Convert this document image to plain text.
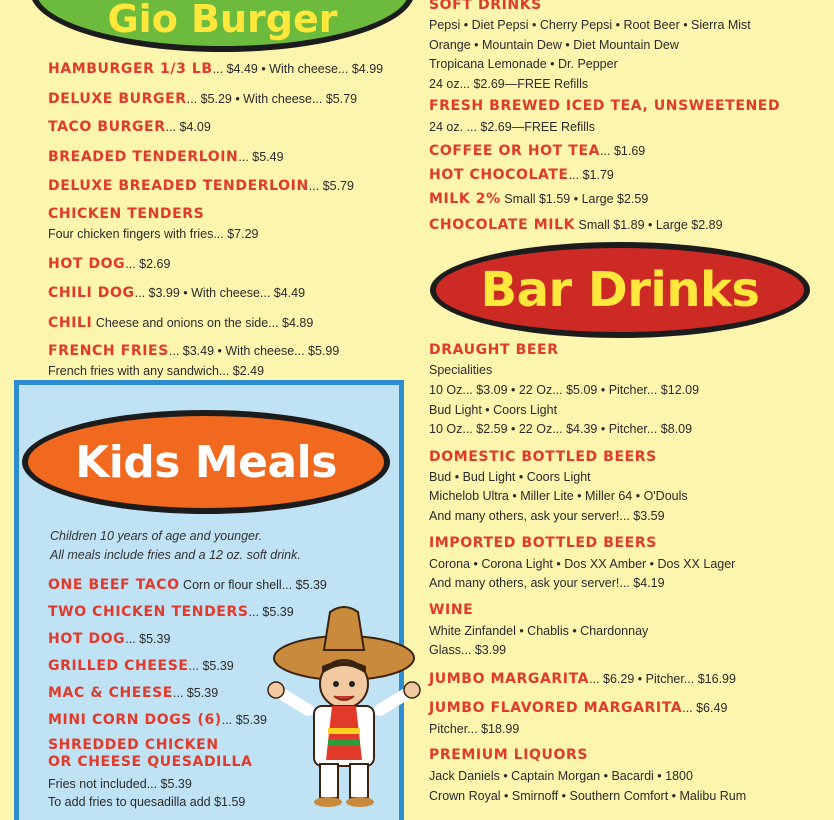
Gio Burger
HAMBURGER 1/3 LB... $4.49 • With cheese... $4.99
DELUXE BURGER... $5.29 • With cheese... $5.79
TACO BURGER... $4.09
BREADED TENDERLOIN... $5.49
DELUXE BREADED TENDERLOIN... $5.79
CHICKEN TENDERS
Four chicken fingers with fries... $7.29
HOT DOG... $2.69
CHILI DOG... $3.99 • With cheese... $4.49
CHILI Cheese and onions on the side... $4.89
FRENCH FRIES... $3.49 • With cheese... $5.99
French fries with any sandwich... $2.49
Kids Meals
Children 10 years of age and younger.
All meals include fries and a 12 oz. soft drink.
ONE BEEF TACO Corn or flour shell... $5.39
TWO CHICKEN TENDERS... $5.39
HOT DOG... $5.39
GRILLED CHEESE... $5.39
MAC & CHEESE... $5.39
MINI CORN DOGS (6)... $5.39
SHREDDED CHICKEN
OR CHEESE QUESADILLA
Fries not included... $5.39
To add fries to quesadilla add $1.59
SOFT DRINKS
Pepsi • Diet Pepsi • Cherry Pepsi • Root Beer • Sierra Mist
Orange • Mountain Dew • Diet Mountain Dew
Tropicana Lemonade • Dr. Pepper
24 oz... $2.69—FREE Refills
FRESH BREWED ICED TEA, UNSWEETENED
24 oz. ... $2.69—FREE Refills
COFFEE OR HOT TEA... $1.69
HOT CHOCOLATE... $1.79
MILK 2% Small $1.59 • Large $2.59
CHOCOLATE MILK Small $1.89 • Large $2.89
Bar Drinks
DRAUGHT BEER
Specialities
10 Oz... $3.09 • 22 Oz... $5.09 • Pitcher... $12.09
Bud Light • Coors Light
10 Oz... $2.59 • 22 Oz... $4.39 • Pitcher... $8.09
DOMESTIC BOTTLED BEERS
Bud • Bud Light • Coors Light
Michelob Ultra • Miller Lite • Miller 64 • O'Douls
And many others, ask your server!... $3.59
IMPORTED BOTTLED BEERS
Corona • Corona Light • Dos XX Amber • Dos XX Lager
And many others, ask your server!... $4.19
WINE
White Zinfandel • Chablis • Chardonnay
Glass... $3.99
JUMBO MARGARITA... $6.29 • Pitcher... $16.99
JUMBO FLAVORED MARGARITA... $6.49
Pitcher... $18.99
PREMIUM LIQUORS
Jack Daniels • Captain Morgan • Bacardi • 1800
Crown Royal • Smirnoff • Southern Comfort • Malibu Rum
